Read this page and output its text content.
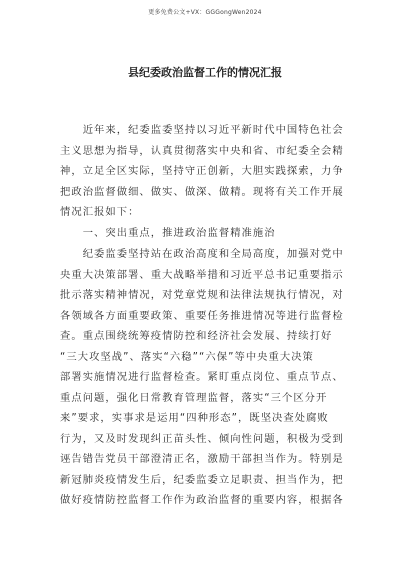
更多免费公文+VX：GGGongWen2024
县纪委政治监督工作的情况汇报
　　近年来，纪委监委坚持以习近平新时代中国特色社会
主义思想为指导，认真贯彻落实中央和省、市纪委全会精
神，立足全区实际，坚持守正创新，大胆实践探索，力争
把政治监督做细、做实、做深、做精。现将有关工作开展
情况汇报如下：
　　一、突出重点，推进政治监督精准施治
　　纪委监委坚持站在政治高度和全局高度，加强对党中
央重大决策部署、重大战略举措和习近平总书记重要指示
批示落实精神情况，对党章党规和法律法规执行情况，对
各领域各方面重要政策、重要任务推进情况等进行监督检
查。重点围绕统筹疫情防控和经济社会发展、持续打好
“三大攻坚战”、落实“六稳”“六保”等中央重大决策
部署实施情况进行监督检查。紧盯重点岗位、重点节点、
重点问题，强化日常教育管理监督，落实“三个区分开
来”要求，实事求是运用“四种形态”，既坚决查处腐败
行为，又及时发现纠正苗头性、倾向性问题，积极为受到
诬告错告党员干部澄清正名，激励干部担当作为。特别是
新冠肺炎疫情发生后，纪委监委立足职责、担当作为，把
做好疫情防控监督工作作为政治监督的重要内容，根据各
